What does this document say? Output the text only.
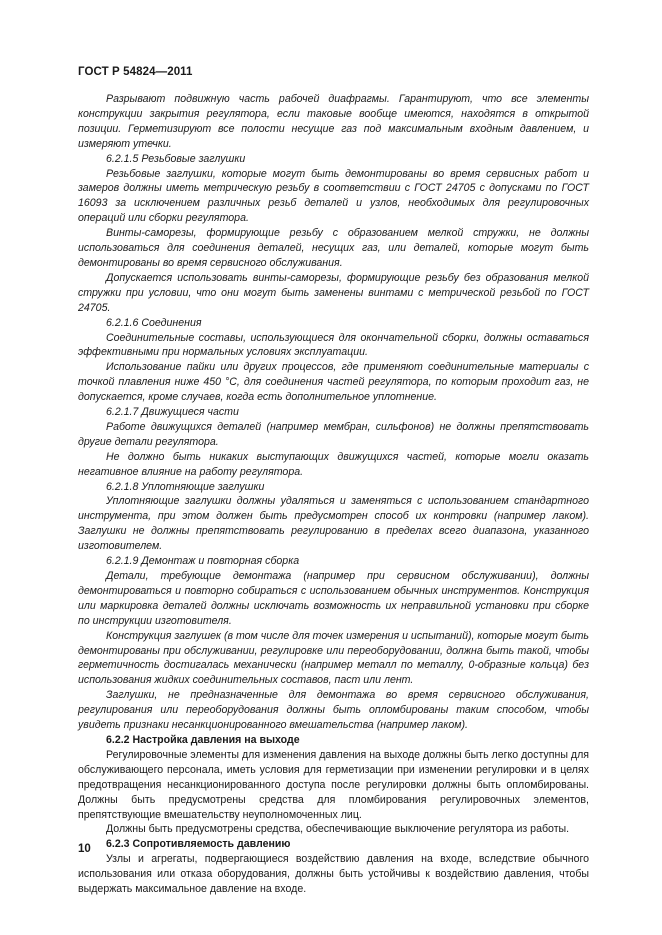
ГОСТ Р 54824—2011

Разрывают подвижную часть рабочей диафрагмы. Гарантируют, что все элементы конструкции закрытия регулятора, если таковые вообще имеются, находятся в открытой позиции. Герметизируют все полости несущие газ под максимальным входным давлением, и измеряют утечки.

6.2.1.5 Резьбовые заглушки

Резьбовые заглушки, которые могут быть демонтированы во время сервисных работ и замеров должны иметь метрическую резьбу в соответствии с ГОСТ 24705 с допусками по ГОСТ 16093 за исключением различных резьб деталей и узлов, необходимых для регулировочных операций или сборки регулятора.

Винты-саморезы, формирующие резьбу с образованием мелкой стружки, не должны использоваться для соединения деталей, несущих газ, или деталей, которые могут быть демонтированы во время сервисного обслуживания.

Допускается использовать винты-саморезы, формирующие резьбу без образования мелкой стружки при условии, что они могут быть заменены винтами с метрической резьбой по ГОСТ 24705.

6.2.1.6 Соединения

Соединительные составы, использующиеся для окончательной сборки, должны оставаться эффективными при нормальных условиях эксплуатации.

Использование пайки или других процессов, где применяют соединительные материалы с точкой плавления ниже 450 °С, для соединения частей регулятора, по которым проходит газ, не допускается, кроме случаев, когда есть дополнительное уплотнение.

6.2.1.7 Движущиеся части

Работе движущихся деталей (например мембран, сильфонов) не должны препятствовать другие детали регулятора.

Не должно быть никаких выступающих движущихся частей, которые могли оказать негативное влияние на работу регулятора.

6.2.1.8 Уплотняющие заглушки

Уплотняющие заглушки должны удаляться и заменяться с использованием стандартного инструмента, при этом должен быть предусмотрен способ их контровки (например лаком). Заглушки не должны препятствовать регулированию в пределах всего диапазона, указанного изготовителем.

6.2.1.9 Демонтаж и повторная сборка

Детали, требующие демонтажа (например при сервисном обслуживании), должны демонтироваться и повторно собираться с использованием обычных инструментов. Конструкция или маркировка деталей должны исключать возможность их неправильной установки при сборке по инструкции изготовителя.

Конструкция заглушек (в том числе для точек измерения и испытаний), которые могут быть демонтированы при обслуживании, регулировке или переоборудовании, должна быть такой, чтобы герметичность достигалась механически (например металл по металлу, 0-образные кольца) без использования жидких соединительных составов, паст или лент.

Заглушки, не предназначенные для демонтажа во время сервисного обслуживания, регулирования или переоборудования должны быть опломбированы таким способом, чтобы увидеть признаки несанкционированного вмешательства (например лаком).

6.2.2 Настройка давления на выходе

Регулировочные элементы для изменения давления на выходе должны быть легко доступны для обслуживающего персонала, иметь условия для герметизации при изменении регулировки и в целях предотвращения несанкционированного доступа после регулировки должны быть опломбированы. Должны быть предусмотрены средства для пломбирования регулировочных элементов, препятствующие вмешательству неуполномоченных лиц.

Должны быть предусмотрены средства, обеспечивающие выключение регулятора из работы.

6.2.3 Сопротивляемость давлению

Узлы и агрегаты, подвергающиеся воздействию давления на входе, вследствие обычного использования или отказа оборудования, должны быть устойчивы к воздействию давления, чтобы выдержать максимальное давление на входе.

10
